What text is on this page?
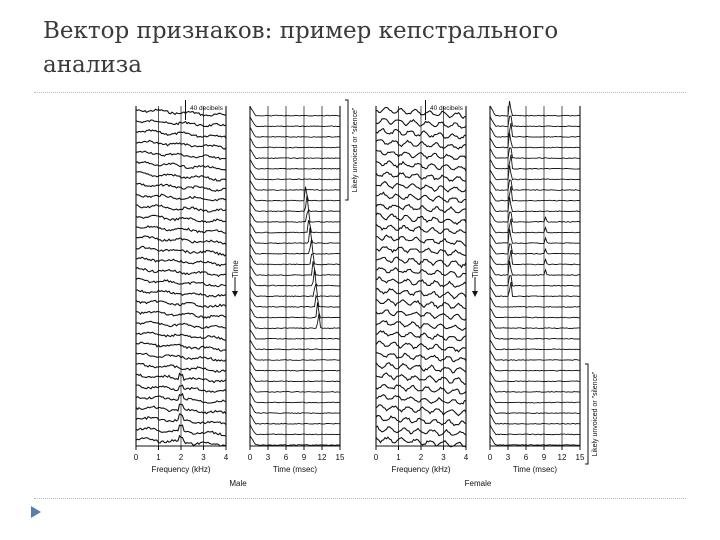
Вектор признаков: пример кепстрального анализа
40 decibels
0 1 2 3 4
Frequency (kHz)
0 3 6 9 12 15
Time (msec)
Time
Likely unvoiced or "silence"	40 decibels
0 1 2 3 4
Frequency (kHz)
0 3 6 9 12 15
Time (msec)
Time
Likely unvoiced or "silence"
Male	Female
